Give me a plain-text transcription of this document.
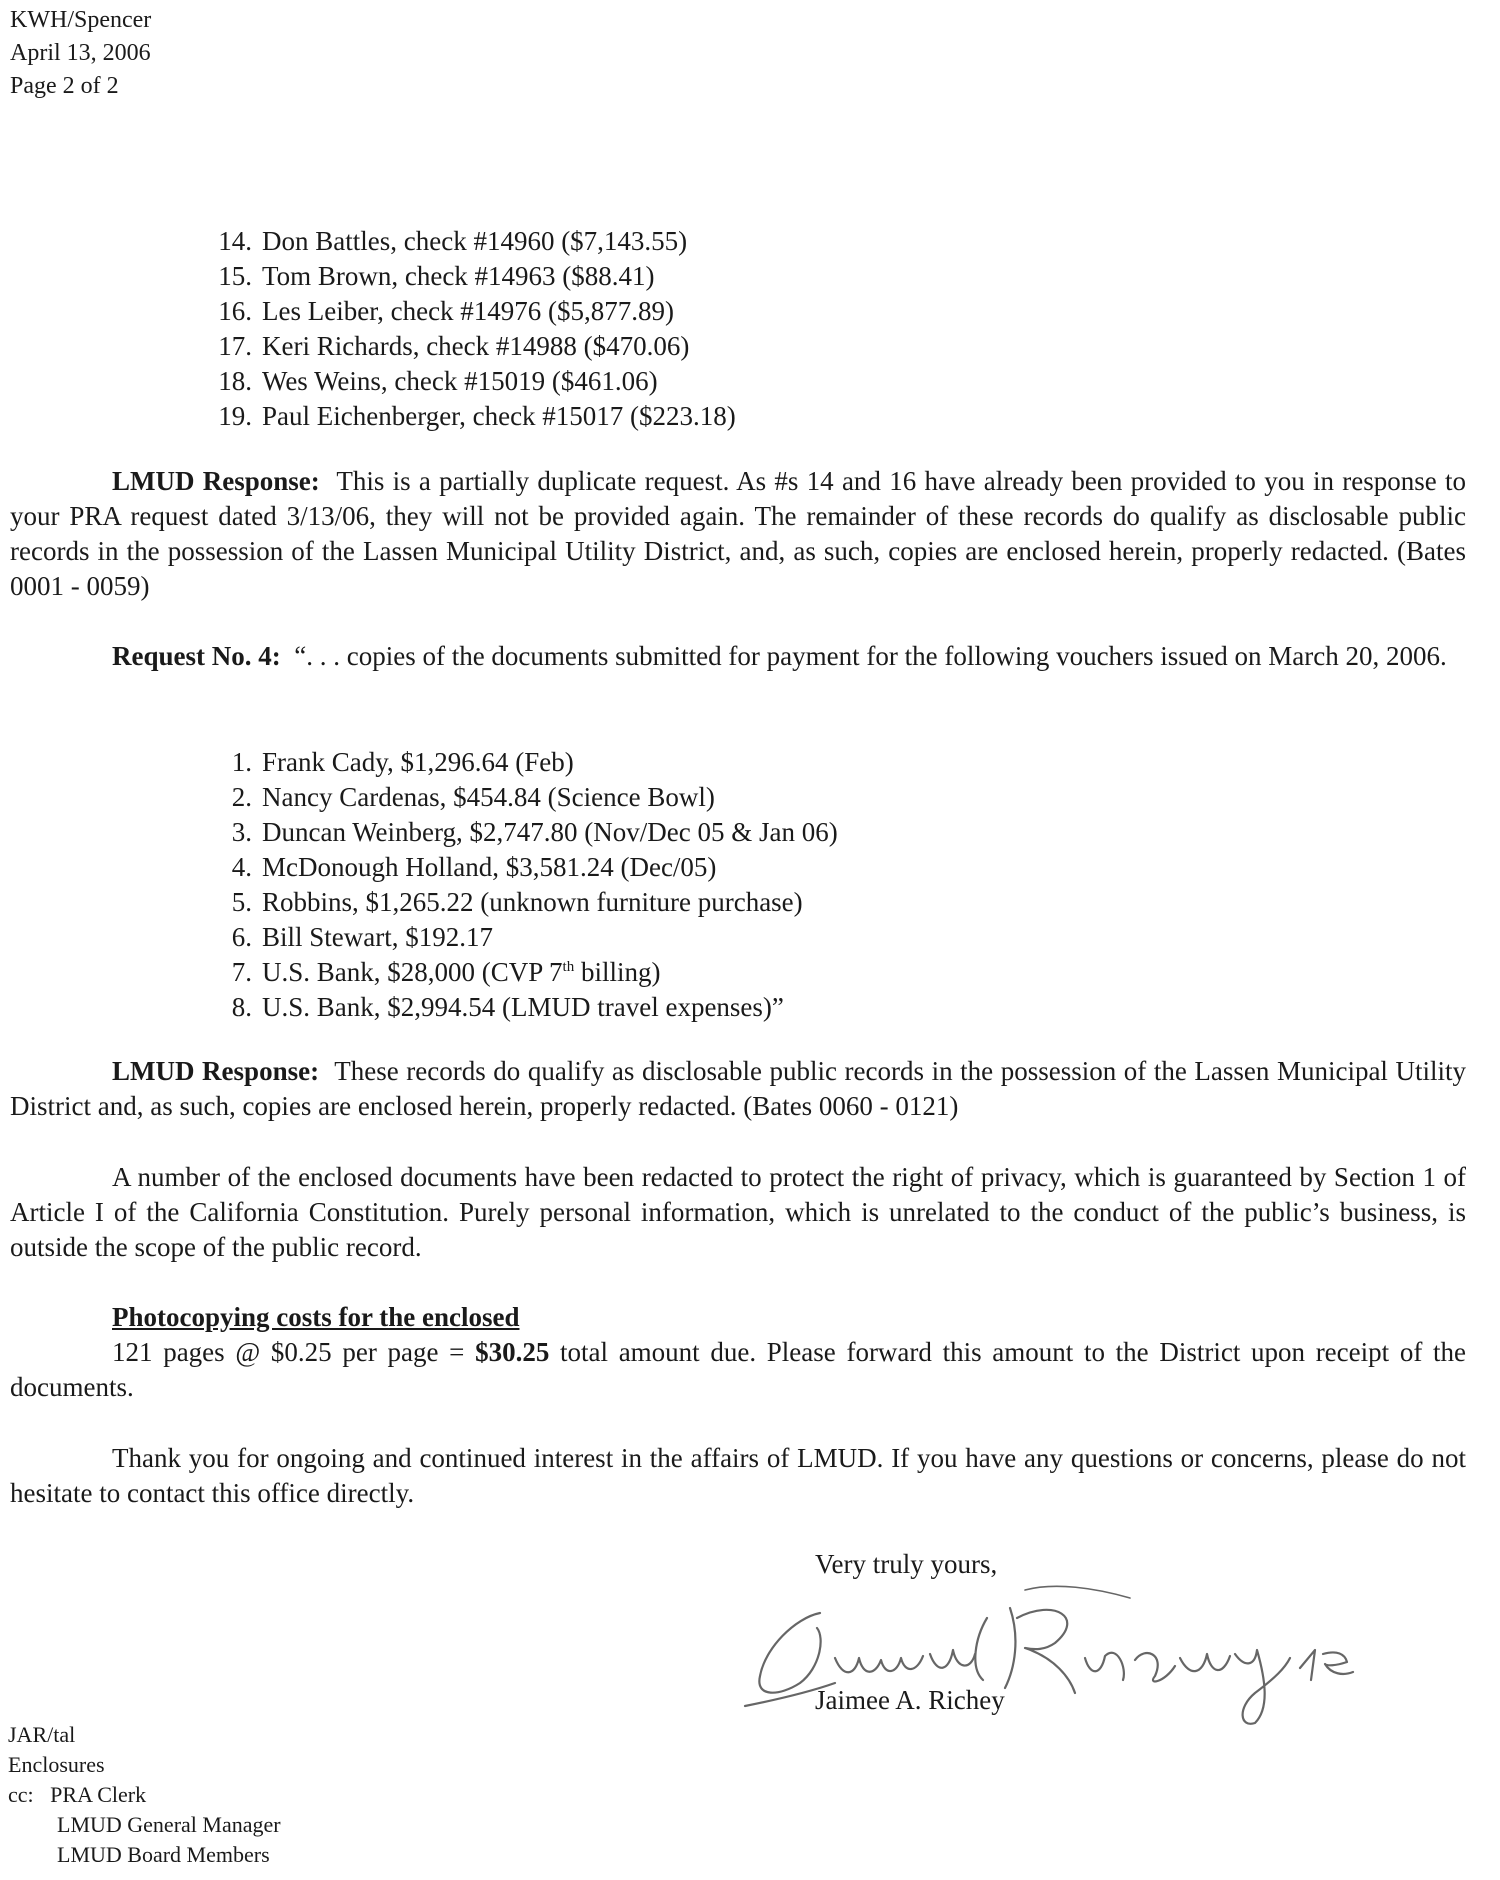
KWH/Spencer
April 13, 2006
Page 2 of 2
14. Don Battles, check #14960 ($7,143.55)
15. Tom Brown, check #14963 ($88.41)
16. Les Leiber, check #14976 ($5,877.89)
17. Keri Richards, check #14988 ($470.06)
18. Wes Weins, check #15019 ($461.06)
19. Paul Eichenberger, check #15017 ($223.18)
LMUD Response: This is a partially duplicate request. As #s 14 and 16 have already been provided to you in response to your PRA request dated 3/13/06, they will not be provided again. The remainder of these records do qualify as disclosable public records in the possession of the Lassen Municipal Utility District, and, as such, copies are enclosed herein, properly redacted. (Bates 0001 - 0059)
Request No. 4: “. . . copies of the documents submitted for payment for the following vouchers issued on March 20, 2006.
1. Frank Cady, $1,296.64 (Feb)
2. Nancy Cardenas, $454.84 (Science Bowl)
3. Duncan Weinberg, $2,747.80 (Nov/Dec 05 & Jan 06)
4. McDonough Holland, $3,581.24 (Dec/05)
5. Robbins, $1,265.22 (unknown furniture purchase)
6. Bill Stewart, $192.17
7. U.S. Bank, $28,000 (CVP 7th billing)
8. U.S. Bank, $2,994.54 (LMUD travel expenses)”
LMUD Response: These records do qualify as disclosable public records in the possession of the Lassen Municipal Utility District and, as such, copies are enclosed herein, properly redacted. (Bates 0060 - 0121)
A number of the enclosed documents have been redacted to protect the right of privacy, which is guaranteed by Section 1 of Article I of the California Constitution. Purely personal information, which is unrelated to the conduct of the public’s business, is outside the scope of the public record.
Photocopying costs for the enclosed
121 pages @ $0.25 per page = $30.25 total amount due. Please forward this amount to the District upon receipt of the documents.
Thank you for ongoing and continued interest in the affairs of LMUD. If you have any questions or concerns, please do not hesitate to contact this office directly.
Very truly yours,
Jaimee A. Richey
JAR/tal
Enclosures
cc: PRA Clerk
LMUD General Manager
LMUD Board Members
